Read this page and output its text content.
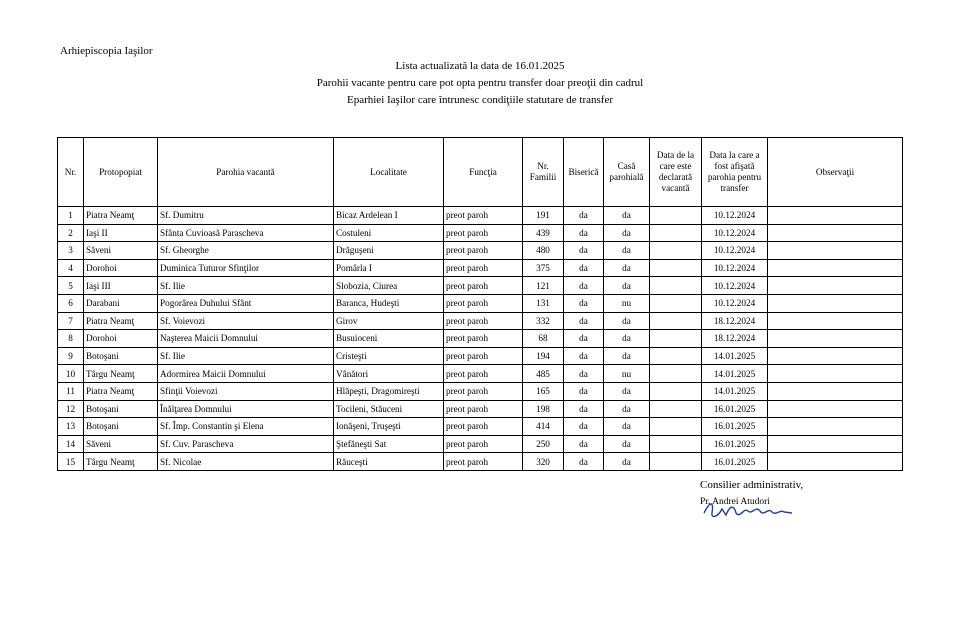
Arhiepiscopia Iaşilor
Lista actualizată la data de 16.01.2025
Parohii vacante pentru care pot opta pentru transfer doar preoţii din cadrul
Eparhiei Iaşilor care întrunesc condiţiile statutare de transfer
Nr.	Protopopiat	Parohia vacantă	Localitate	Funcţia	Nr. Familii	Biserică	Casă parohială	Data de la care este declarată vacantă	Data la care a fost afişată parohia pentru transfer	Observaţii
1	Piatra Neamţ	Sf. Dumitru	Bicaz Ardelean I	preot paroh	191	da	da		10.12.2024	
2	Iaşi II	Sfânta Cuvioasă Parascheva	Costuleni	preot paroh	439	da	da		10.12.2024	
3	Săveni	Sf. Gheorghe	Drăguşeni	preot paroh	480	da	da		10.12.2024	
4	Dorohoi	Duminica Tuturor Sfinţilor	Pomârla I	preot paroh	375	da	da		10.12.2024	
5	Iaşi III	Sf. Ilie	Slobozia, Ciurea	preot paroh	121	da	da		10.12.2024	
6	Darabani	Pogorârea Duhului Sfânt	Baranca, Hudeşti	preot paroh	131	da	nu		10.12.2024	
7	Piatra Neamţ	Sf. Voievozi	Girov	preot paroh	332	da	da		18.12.2024	
8	Dorohoi	Naşterea Maicii Domnului	Busuioceni	preot paroh	68	da	da		18.12.2024	
9	Botoşani	Sf. Ilie	Cristeşti	preot paroh	194	da	da		14.01.2025	
10	Târgu Neamţ	Adormirea Maicii Domnului	Vânători	preot paroh	485	da	nu		14.01.2025	
11	Piatra Neamţ	Sfinţii Voievozi	Hlăpeşti, Dragomireşti	preot paroh	165	da	da		14.01.2025	
12	Botoşani	Înălţarea Domnului	Tocileni, Stăuceni	preot paroh	198	da	da		16.01.2025	
13	Botoşani	Sf. Împ. Constantin şi Elena	Ionăşeni, Truşeşti	preot paroh	414	da	da		16.01.2025	
14	Săveni	Sf. Cuv. Parascheva	Ştefăneşti Sat	preot paroh	250	da	da		16.01.2025	
15	Târgu Neamţ	Sf. Nicolae	Răuceşti	preot paroh	320	da	da		16.01.2025	
Consilier administrativ,
Pr. Andrei Atudori
